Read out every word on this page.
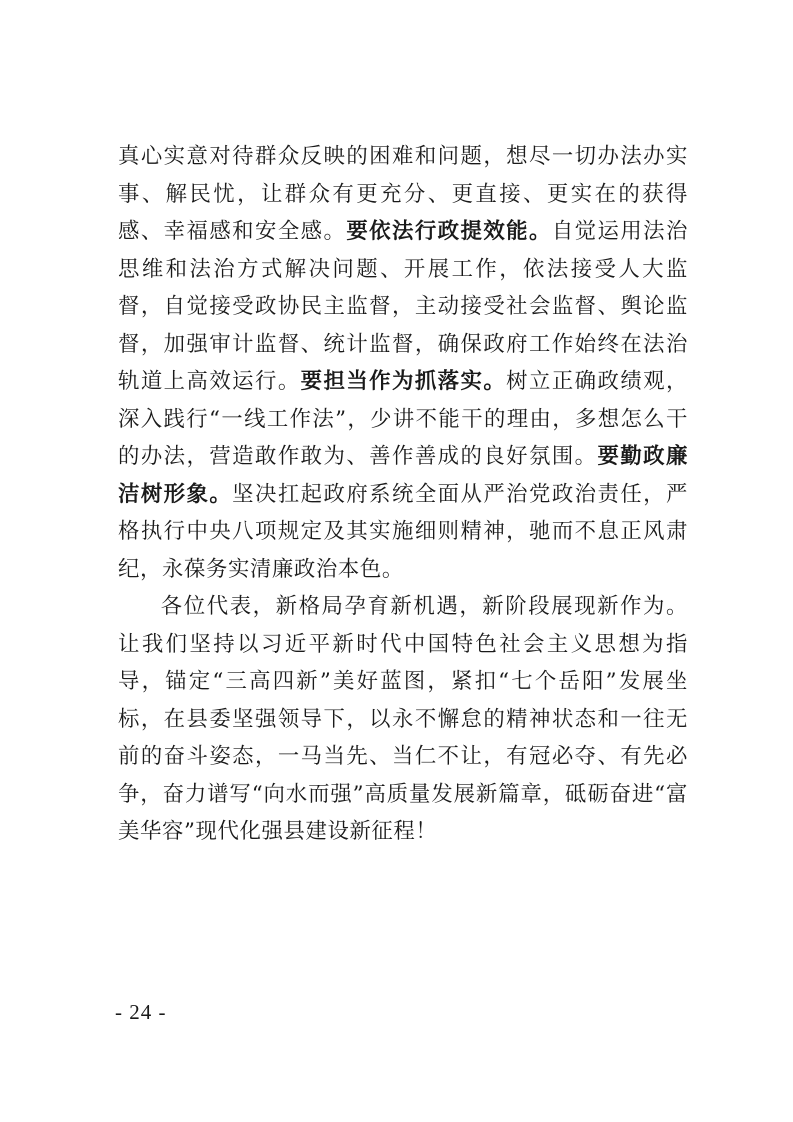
真心实意对待群众反映的困难和问题，想尽一切办法办实事、解民忧，让群众有更充分、更直接、更实在的获得感、幸福感和安全感。要依法行政提效能。自觉运用法治思维和法治方式解决问题、开展工作，依法接受人大监督，自觉接受政协民主监督，主动接受社会监督、舆论监督，加强审计监督、统计监督，确保政府工作始终在法治轨道上高效运行。要担当作为抓落实。树立正确政绩观，深入践行“一线工作法”，少讲不能干的理由，多想怎么干的办法，营造敢作敢为、善作善成的良好氛围。要勤政廉洁树形象。坚决扛起政府系统全面从严治党政治责任，严格执行中央八项规定及其实施细则精神，驰而不息正风肃纪，永葆务实清廉政治本色。

各位代表，新格局孕育新机遇，新阶段展现新作为。让我们坚持以习近平新时代中国特色社会主义思想为指导，锚定“三高四新”美好蓝图，紧扣“七个岳阳”发展坐标，在县委坚强领导下，以永不懈怠的精神状态和一往无前的奋斗姿态，一马当先、当仁不让，有冠必夺、有先必争，奋力谱写“向水而强”高质量发展新篇章，砥砺奋进“富美华容”现代化强县建设新征程！

- 24 -
